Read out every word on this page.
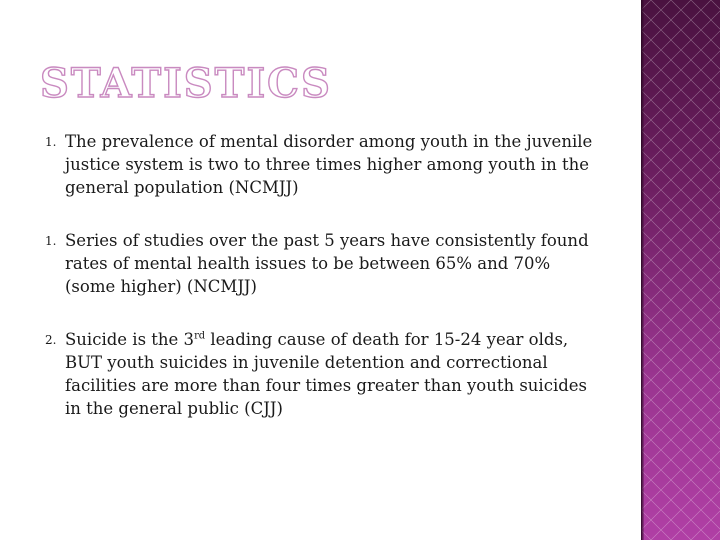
STATISTICS
1. The prevalence of mental disorder among youth in the juvenile justice system is two to three times higher among youth in the general population (NCMJJ)

1. Series of studies over the past 5 years have consistently found rates of mental health issues to be between 65% and 70% (some higher) (NCMJJ)

2. Suicide is the 3rd leading cause of death for 15-24 year olds, BUT youth suicides in juvenile detention and correctional facilities are more than four times greater than youth suicides in the general public (CJJ)
